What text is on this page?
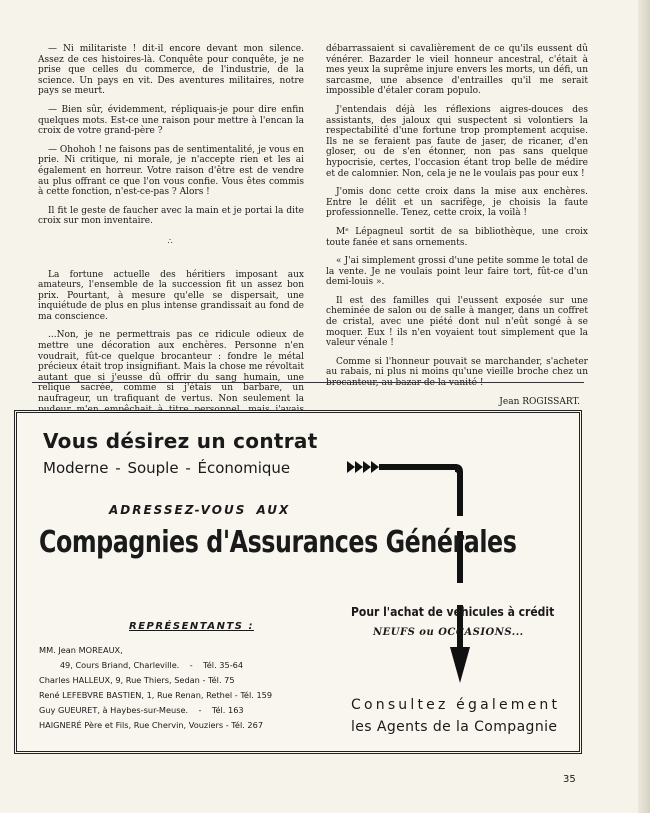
— Ni militariste ! dit-il encore devant mon silence. Assez de ces histoires-là. Conquête pour conquête, je ne prise que celles du commerce, de l'industrie, de la science. Un pays en vit. Des aventures militaires, notre pays se meurt.

— Bien sûr, évidemment, répliquais-je pour dire enfin quelques mots. Est-ce une raison pour mettre à l'encan la croix de votre grand-père ?

— Ohohoh ! ne faisons pas de sentimentalité, je vous en prie. Ni critique, ni morale, je n'accepte rien et les ai également en horreur. Votre raison d'être est de vendre au plus offrant ce que l'on vous confie. Vous êtes commis à cette fonction, n'est-ce-pas ? Alors !

Il fit le geste de faucher avec la main et je portai la dite croix sur mon inventaire.

∴

La fortune actuelle des héritiers imposant aux amateurs, l'ensemble de la succession fit un assez bon prix. Pourtant, à mesure qu'elle se dispersait, une inquiétude de plus en plus intense grandissait au fond de ma conscience.

...Non, je ne permettrais pas ce ridicule odieux de mettre une décoration aux enchères. Personne n'en voudrait, fût-ce quelque brocanteur : fondre le métal précieux était trop insignifiant. Mais la chose me révoltait autant que si j'eusse dû offrir du sang humain, une relique sacrée, comme si j'étais un barbare, un naufrageur, un trafiquant de vertus. Non seulement la

débarrassaient si cavalièrement de ce qu'ils eussent dû vénérer. Bazarder le vieil honneur ancestral, c'était à mes yeux la suprême injure envers les morts, un défi, un sarcasme, une absence d'entrailles qu'il me serait impossible d'étaler coram populo.

J'entendais déjà les réflexions aigres-douces des assistants, des jaloux qui suspectent si volontiers la respectabilité d'une fortune trop promptement acquise. Ils ne se feraient pas faute de jaser, de ricaner, d'en gloser, ou de s'en étonner, non pas sans quelque hypocrisie, certes, l'occasion étant trop belle de médire et de calomnier. Non, cela je ne le voulais pas pour eux !

J'omis donc cette croix dans la mise aux enchères. Entre le délit et un sacrifège, je choisis la faute professionnelle. Tenez, cette croix, la voilà !

Mᵉ Lépagneul sortit de sa bibliothèque, une croix toute fanée et sans ornements.

« J'ai simplement grossi d'une petite somme le total de la vente. Je ne voulais point leur faire tort, fût-ce d'un demi-louis ».

Il est des familles qui l'eussent exposée sur une cheminée de salon ou de salle à manger, dans un coffret de cristal, avec une piété dont nul n'eût songé à se moquer. Eux ! ils n'en voyaient tout simplement que la valeur vénale !

Comme si l'honneur pouvait se marchander, s'acheter au rabais, ni plus ni moins qu'une vieille broche chez un brocanteur, au bazar de la vanité !

Jean ROGISSART.
Vous désirez un contrat
Moderne - Souple - Économique
ADRESSEZ-VOUS AUX
Compagnies d'Assurances Générales
REPRÉSENTANTS :
MM. Jean MOREAUX,
49, Cours Briand, Charleville.    -    Tél. 35-64
Charles HALLEUX, 9, Rue Thiers, Sedan - Tél. 75
René LEFEBVRE BASTIEN, 1, Rue Renan, Rethel - Tél. 159
Guy GUEURET, à Haybes-sur-Meuse.    -    Tél. 163
HAIGNERÉ Père et Fils, Rue Chervin, Vouziers - Tél. 267
Pour l'achat de véhicules à crédit
NEUFS ou OCCASIONS...
Consultez également
les Agents de la Compagnie
35
